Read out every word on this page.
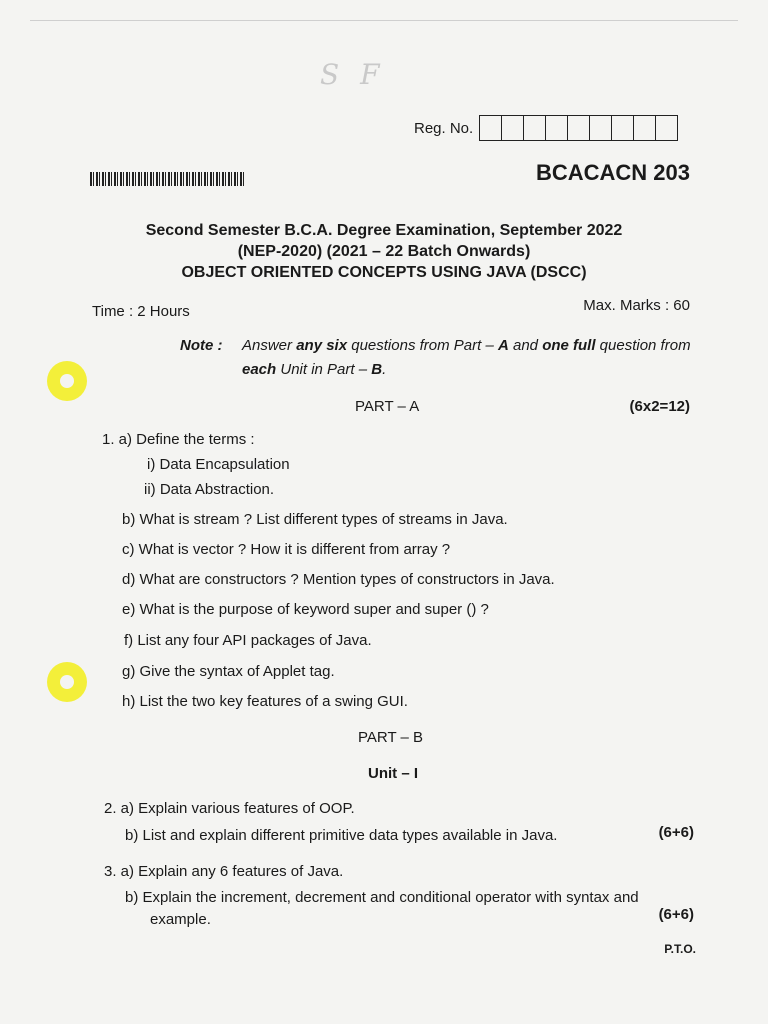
S F
Reg. No.
BCACACN 203
Second Semester B.C.A. Degree Examination, September 2022
(NEP-2020) (2021 – 22 Batch Onwards)
OBJECT ORIENTED CONCEPTS USING JAVA (DSCC)
Time : 2 Hours	Max. Marks : 60
Note : Answer any six questions from Part – A and one full question from each Unit in Part – B.
PART – A	(6x2=12)
1. a) Define the terms :
i) Data Encapsulation
ii) Data Abstraction.
b) What is stream ? List different types of streams in Java.
c) What is vector ? How it is different from array ?
d) What are constructors ? Mention types of constructors in Java.
e) What is the purpose of keyword super and super () ?
f) List any four API packages of Java.
g) Give the syntax of Applet tag.
h) List the two key features of a swing GUI.
PART – B
Unit – I
2. a) Explain various features of OOP.
b) List and explain different primitive data types available in Java.	(6+6)
3. a) Explain any 6 features of Java.
b) Explain the increment, decrement and conditional operator with syntax and
example.	(6+6)
P.T.O.
